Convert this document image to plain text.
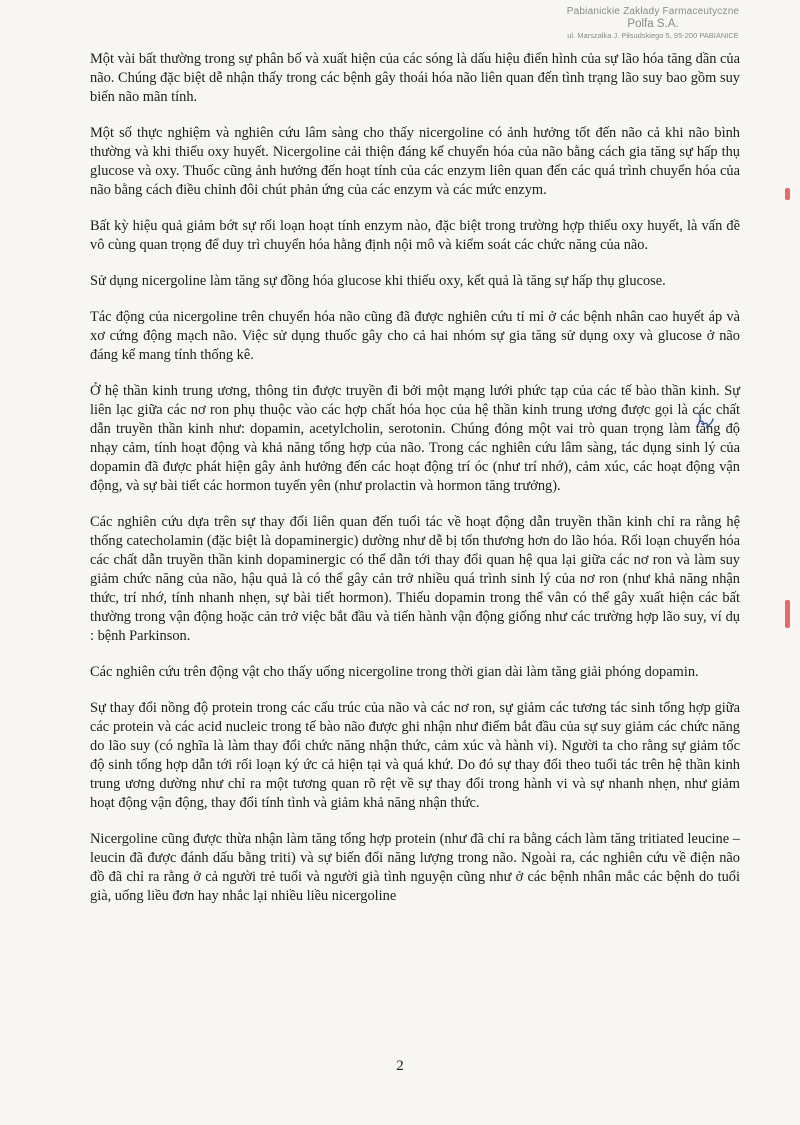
Pabianickie Zakłady Farmaceutyczne
Polfa S.A.
ul. Marszałka J. Piłsudskiego 5, 95-200 PABIANICE

Một vài bất thường trong sự phân bố và xuất hiện của các sóng là dấu hiệu điển hình của sự lão hóa tăng dần của não. Chúng đặc biệt dễ nhận thấy trong các bệnh gây thoái hóa não liên quan đến tình trạng lão suy bao gồm suy biến não mãn tính.

Một số thực nghiệm và nghiên cứu lâm sàng cho thấy nicergoline có ảnh hưởng tốt đến não cả khi não bình thường và khi thiếu oxy huyết. Nicergoline cải thiện đáng kể chuyển hóa của não bằng cách gia tăng sự hấp thụ glucose và oxy. Thuốc cũng ảnh hưởng đến hoạt tính của các enzym liên quan đến các quá trình chuyển hóa của não bằng cách điều chỉnh đôi chút phản ứng của các enzym và các mức enzym.

Bất kỳ hiệu quả giảm bớt sự rối loạn hoạt tính enzym nào, đặc biệt trong trường hợp thiếu oxy huyết, là vấn đề vô cùng quan trọng để duy trì chuyển hóa hằng định nội mô và kiểm soát các chức năng của não.

Sử dụng nicergoline làm tăng sự đồng hóa glucose khi thiếu oxy, kết quả là tăng sự hấp thụ glucose.

Tác động của nicergoline trên chuyển hóa não cũng đã được nghiên cứu tỉ mỉ ở các bệnh nhân cao huyết áp và xơ cứng động mạch não. Việc sử dụng thuốc gây cho cả hai nhóm sự gia tăng sử dụng oxy và glucose ở não đáng kể mang tính thống kê.

Ở hệ thần kinh trung ương, thông tin được truyền đi bởi một mạng lưới phức tạp của các tế bào thần kinh. Sự liên lạc giữa các nơ ron phụ thuộc vào các hợp chất hóa học của hệ thần kinh trung ương được gọi là các chất dẫn truyền thần kinh như: dopamin, acetylcholin, serotonin. Chúng đóng một vai trò quan trọng làm tăng độ nhạy cảm, tính hoạt động và khả năng tổng hợp của não. Trong các nghiên cứu lâm sàng, tác dụng sinh lý của dopamin đã được phát hiện gây ảnh hưởng đến các hoạt động trí óc (như trí nhớ), cảm xúc, các hoạt động vận động, và sự bài tiết các hormon tuyến yên (như prolactin và hormon tăng trưởng).

Các nghiên cứu dựa trên sự thay đổi liên quan đến tuổi tác về hoạt động dẫn truyền thần kinh chỉ ra rằng hệ thống catecholamin (đặc biệt là dopaminergic) dường như dễ bị tổn thương hơn do lão hóa. Rối loạn chuyển hóa các chất dẫn truyền thần kinh dopaminergic có thể dẫn tới thay đổi quan hệ qua lại giữa các nơ ron và làm suy giảm chức năng của não, hậu quả là có thể gây cản trở nhiều quá trình sinh lý của nơ ron (như khả năng nhận thức, trí nhớ, tính nhanh nhẹn, sự bài tiết hormon). Thiếu dopamin trong thể vân có thể gây xuất hiện các bất thường trong vận động hoặc cản trở việc bắt đầu và tiến hành vận động giống như các trường hợp lão suy, ví dụ : bệnh Parkinson.

Các nghiên cứu trên động vật cho thấy uống nicergoline trong thời gian dài làm tăng giải phóng dopamin.

Sự thay đổi nồng độ protein trong các cấu trúc của não và các nơ ron, sự giảm các tương tác sinh tổng hợp giữa các protein và các acid nucleic trong tế bào não được ghi nhận như điểm bắt đầu của sự suy giảm các chức năng do lão suy (có nghĩa là làm thay đổi chức năng nhận thức, cảm xúc và hành vi). Người ta cho rằng sự giảm tốc độ sinh tổng hợp dẫn tới rối loạn ký ức cả hiện tại và quá khứ. Do đó sự thay đổi theo tuổi tác trên hệ thần kinh trung ương dường như chỉ ra một tương quan rõ rệt về sự thay đổi trong hành vi và sự nhanh nhẹn, như giảm hoạt động vận động, thay đổi tính tình và giảm khả năng nhận thức.

Nicergoline cũng được thừa nhận làm tăng tổng hợp protein (như đã chỉ ra bằng cách làm tăng tritiated leucine – leucin đã được đánh dấu bằng triti) và sự biến đổi năng lượng trong não. Ngoài ra, các nghiên cứu về điện não đồ đã chỉ ra rằng ở cả người trẻ tuổi và người già tình nguyện cũng như ở các bệnh nhân mắc các bệnh do tuổi già, uống liều đơn hay nhắc lại nhiều liều nicergoline

2
